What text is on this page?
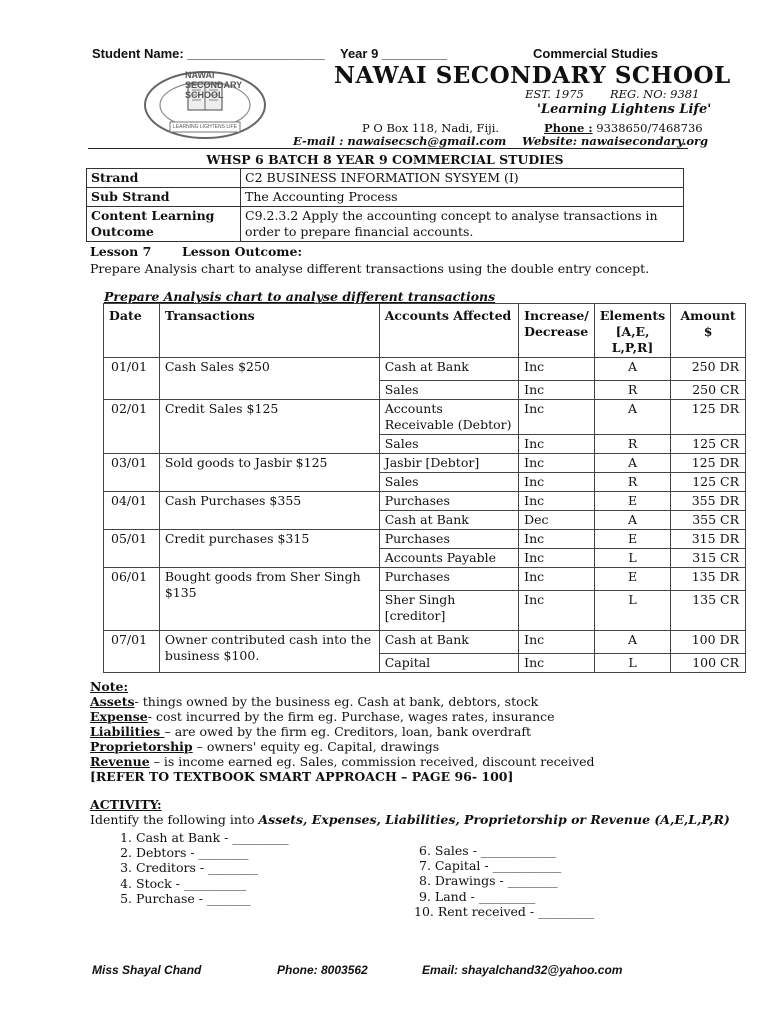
Student Name: ___________________ Year 9 _________	Commercial Studies
NAWAI SECONDARY SCHOOL
LEARNING LIGHTENS LIFE
NAWAI SECONDARY SCHOOL
EST. 1975 REG. NO: 9381
'Learning Lightens Life'
P O Box 118, Nadi, Fiji.	Phone : 9338650/7468736
E-mail : nawaisecsch@gmail.com Website: nawaisecondary.org
WHSP 6 BATCH 8 YEAR 9 COMMERCIAL STUDIES
Strand	C2 BUSINESS INFORMATION SYSYEM (I)
Sub Strand	The Accounting Process
Content Learning Outcome	C9.2.3.2 Apply the accounting concept to analyse transactions in order to prepare financial accounts.
Lesson 7 Lesson Outcome:
Prepare Analysis chart to analyse different transactions using the double entry concept.
Prepare Analysis chart to analyse different transactions
Date	Transactions	Accounts Affected	Increase/ Decrease	Elements [A,E, L,P,R]	Amount $
01/01	Cash Sales $250	Cash at Bank	Inc	A	250 DR
		Sales	Inc	R	250 CR
02/01	Credit Sales $125	Accounts Receivable (Debtor)	Inc	A	125 DR
		Sales	Inc	R	125 CR
03/01	Sold goods to Jasbir $125	Jasbir [Debtor]	Inc	A	125 DR
		Sales	Inc	R	125 CR
04/01	Cash Purchases $355	Purchases	Inc	E	355 DR
		Cash at Bank	Dec	A	355 CR
05/01	Credit purchases $315	Purchases	Inc	E	315 DR
		Accounts Payable	Inc	L	315 CR
06/01	Bought goods from Sher Singh $135	Purchases	Inc	E	135 DR
		Sher Singh [creditor]	Inc	L	135 CR
07/01	Owner contributed cash into the business $100.	Cash at Bank	Inc	A	100 DR
		Capital	Inc	L	100 CR
Note:
Assets- things owned by the business eg. Cash at bank, debtors, stock
Expense- cost incurred by the firm eg. Purchase, wages rates, insurance
Liabilities – are owed by the firm eg. Creditors, loan, bank overdraft
Proprietorship – owners' equity eg. Capital, drawings
Revenue – is income earned eg. Sales, commission received, discount received
[REFER TO TEXTBOOK SMART APPROACH – PAGE 96- 100]
ACTIVITY:
Identify the following into Assets, Expenses, Liabilities, Proprietorship or Revenue (A,E,L,P,R)
1. Cash at Bank - _________
2. Debtors - ________
3. Creditors - ________
4. Stock - __________
5. Purchase - _______
6. Sales - ____________
7. Capital - ___________
8. Drawings - ________
9. Land - _________
10. Rent received - _________
Miss Shayal Chand	Phone: 8003562	Email: shayalchand32@yahoo.com
